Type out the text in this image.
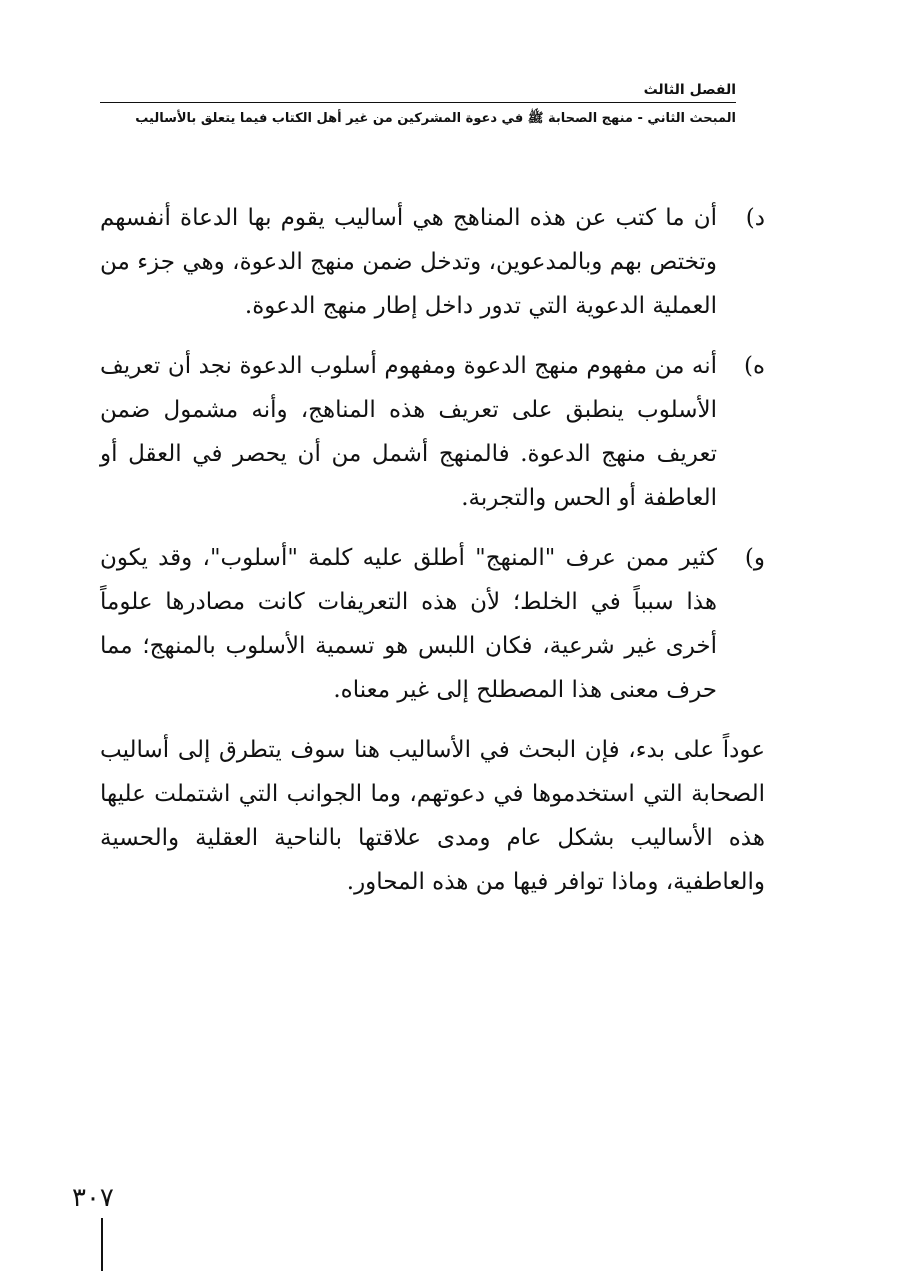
الفصل الثالث
المبحث الثاني - منهج الصحابة ﷺ في دعوة المشركين من غير أهل الكتاب فيما يتعلق بالأساليب
د)
أن ما كتب عن هذه المناهج هي أساليب يقوم بها الدعاة أنفسهم وتختص بهم وبالمدعوين، وتدخل ضمن منهج الدعوة، وهي جزء من العملية الدعوية التي تدور داخل إطار منهج الدعوة.
ه)
أنه من مفهوم منهج الدعوة ومفهوم أسلوب الدعوة نجد أن تعريف الأسلوب ينطبق على تعريف هذه المناهج، وأنه مشمول ضمن تعريف منهج الدعوة. فالمنهج أشمل من أن يحصر في العقل أو العاطفة أو الحس والتجربة.
و)
كثير ممن عرف "المنهج" أطلق عليه كلمة "أسلوب"، وقد يكون هذا سبباً في الخلط؛ لأن هذه التعريفات كانت مصادرها علوماً أخرى غير شرعية، فكان اللبس هو تسمية الأسلوب بالمنهج؛ مما حرف معنى هذا المصطلح إلى غير معناه.

عوداً على بدء، فإن البحث في الأساليب هنا سوف يتطرق إلى أساليب الصحابة التي استخدموها في دعوتهم، وما الجوانب التي اشتملت عليها هذه الأساليب بشكل عام ومدى علاقتها بالناحية العقلية والحسية والعاطفية، وماذا توافر فيها من هذه المحاور.

٣٠٧
